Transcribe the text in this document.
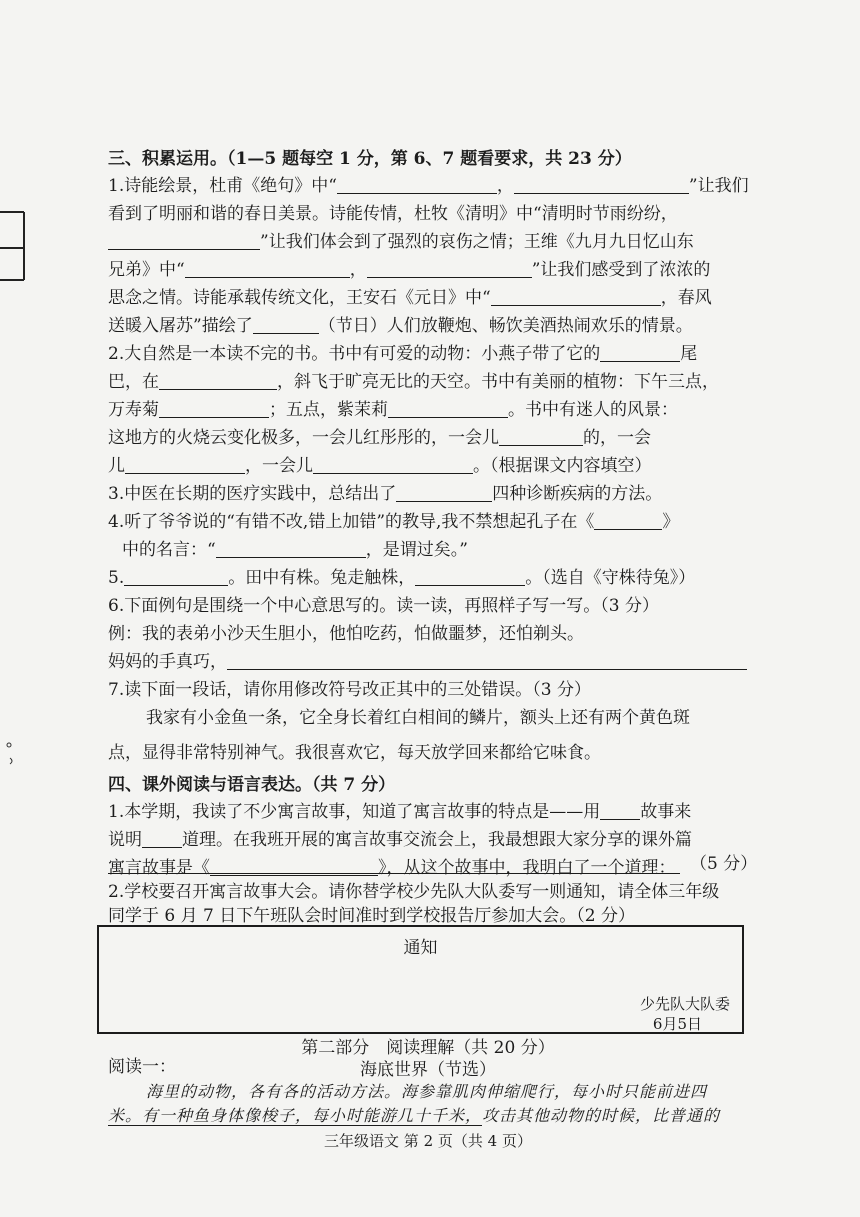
三、积累运用。（1—5 题每空 1 分，第 6、7 题看要求，共 23 分）
1.诗能绘景，杜甫《绝句》中“	，	”让我们
看到了明丽和谐的春日美景。诗能传情，杜牧《清明》中“清明时节雨纷纷，
”让我们体会到了强烈的哀伤之情；王维《九月九日忆山东
兄弟》中“	，	”让我们感受到了浓浓的
思念之情。诗能承载传统文化，王安石《元日》中“	，春风
送暖入屠苏”描绘了	（节日）人们放鞭炮、畅饮美酒热闹欢乐的情景。
2.大自然是一本读不完的书。书中有可爱的动物：小燕子带了它的	尾
巴，在	，斜飞于旷亮无比的天空。书中有美丽的植物：下午三点，
万寿菊	；五点，紫茉莉	。书中有迷人的风景：
这地方的火烧云变化极多，一会儿红彤彤的，一会儿	的，一会
儿	，一会儿	。（根据课文内容填空）
3.中医在长期的医疗实践中，总结出了	四种诊断疾病的方法。
4.听了爷爷说的“有错不改,错上加错”的教导,我不禁想起孔子在《	》
中的名言：“	，是谓过矣。”
5.	。田中有株。兔走触株，	。（选自《守株待兔》）
6.下面例句是围绕一个中心意思写的。读一读，再照样子写一写。（3 分）
例：我的表弟小沙天生胆小，他怕吃药，怕做噩梦，还怕剃头。
妈妈的手真巧，
7.读下面一段话，请你用修改符号改正其中的三处错误。（3 分）
我家有小金鱼一条，它全身长着红白相间的鳞片，额头上还有两个黄色斑
点，显得非常特别神气。我很喜欢它，每天放学回来都给它味食。
四、课外阅读与语言表达。（共 7 分）
1.本学期，我读了不少寓言故事，知道了寓言故事的特点是——用 故事来
说明 道理。在我班开展的寓言故事交流会上，我最想跟大家分享的课外篇
寓言故事是《	》，从这个故事中，我明白了一个道理： （5 分）
2.学校要召开寓言故事大会。请你替学校少先队大队委写一则通知，请全体三年级
同学于 6 月 7 日下午班队会时间准时到学校报告厅参加大会。（2 分）
通知
少先队大队委
6月5日
第二部分　阅读理解（共 20 分）
阅读一：	海底世界（节选）
海里的动物，各有各的活动方法。海参靠肌肉伸缩爬行，每小时只能前进四
米。有一种鱼身体像梭子，每小时能游几十千米，攻击其他动物的时候，比普通的
三年级语文 第 2 页（共 4 页）
